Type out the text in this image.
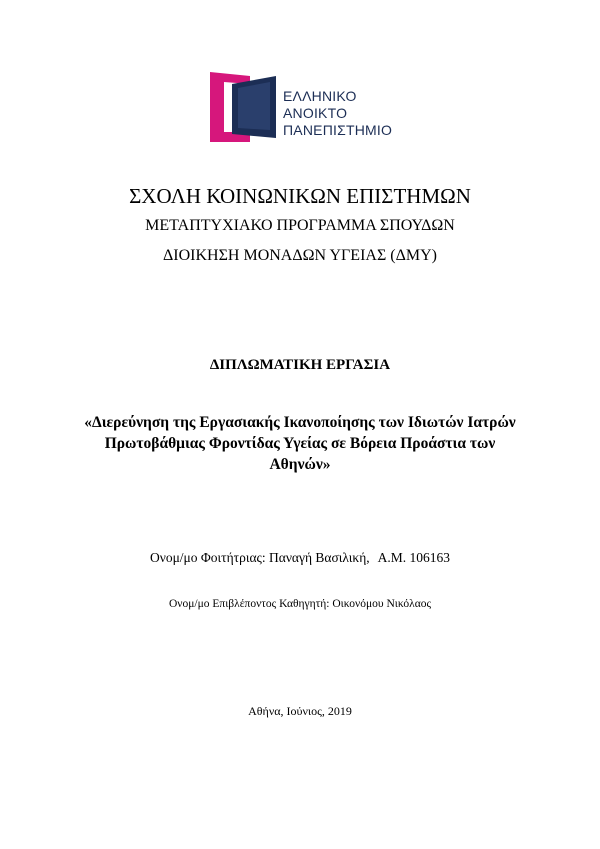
ΕΛΛΗΝΙΚΟ
ΑΝΟΙΚΤΟ
ΠΑΝΕΠΙΣΤΗΜΙΟ
ΣΧΟΛΗ ΚΟΙΝΩΝΙΚΩΝ ΕΠΙΣΤΗΜΩΝ
ΜΕΤΑΠΤΥΧΙΑΚΟ ΠΡΟΓΡΑΜΜΑ ΣΠΟΥΔΩΝ
ΔΙΟΙΚΗΣΗ ΜΟΝΑΔΩΝ ΥΓΕΙΑΣ (ΔΜΥ)
ΔΙΠΛΩΜΑΤΙΚΗ ΕΡΓΑΣΙΑ
«Διερεύνηση της Εργασιακής Ικανοποίησης των Ιδιωτών Ιατρών
Πρωτοβάθμιας Φροντίδας Υγείας σε Βόρεια Προάστια των
Αθηνών»
Ονομ/μο Φοιτήτριας: Παναγή Βασιλική, Α.Μ. 106163
Ονομ/μο Επιβλέποντος Καθηγητή: Οικονόμου Νικόλαος
Αθήνα, Ιούνιος, 2019
